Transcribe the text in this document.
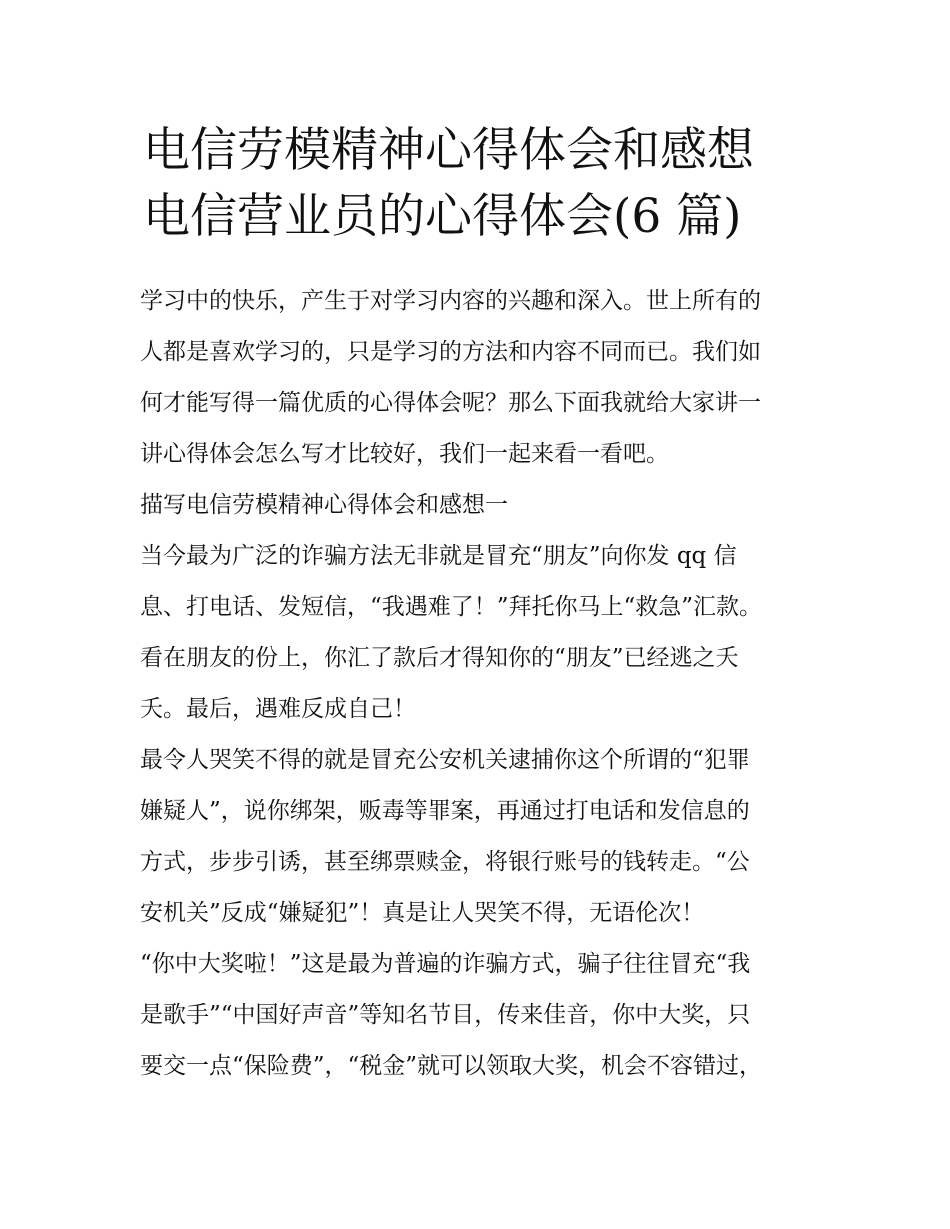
电信劳模精神心得体会和感想
电信营业员的心得体会(6 篇)
学习中的快乐，产生于对学习内容的兴趣和深入。世上所有的
人都是喜欢学习的，只是学习的方法和内容不同而已。我们如
何才能写得一篇优质的心得体会呢？那么下面我就给大家讲一
讲心得体会怎么写才比较好，我们一起来看一看吧。
描写电信劳模精神心得体会和感想一
当今最为广泛的诈骗方法无非就是冒充“朋友”向你发 qq 信
息、打电话、发短信，“我遇难了！”拜托你马上“救急”汇款。
看在朋友的份上，你汇了款后才得知你的“朋友”已经逃之夭
夭。最后，遇难反成自己！
最令人哭笑不得的就是冒充公安机关逮捕你这个所谓的“犯罪
嫌疑人”，说你绑架，贩毒等罪案，再通过打电话和发信息的
方式，步步引诱，甚至绑票赎金，将银行账号的钱转走。“公
安机关”反成“嫌疑犯”！真是让人哭笑不得，无语伦次！
“你中大奖啦！”这是最为普遍的诈骗方式，骗子往往冒充“我
是歌手”“中国好声音”等知名节目，传来佳音，你中大奖，只
要交一点“保险费”，“税金”就可以领取大奖，机会不容错过，
